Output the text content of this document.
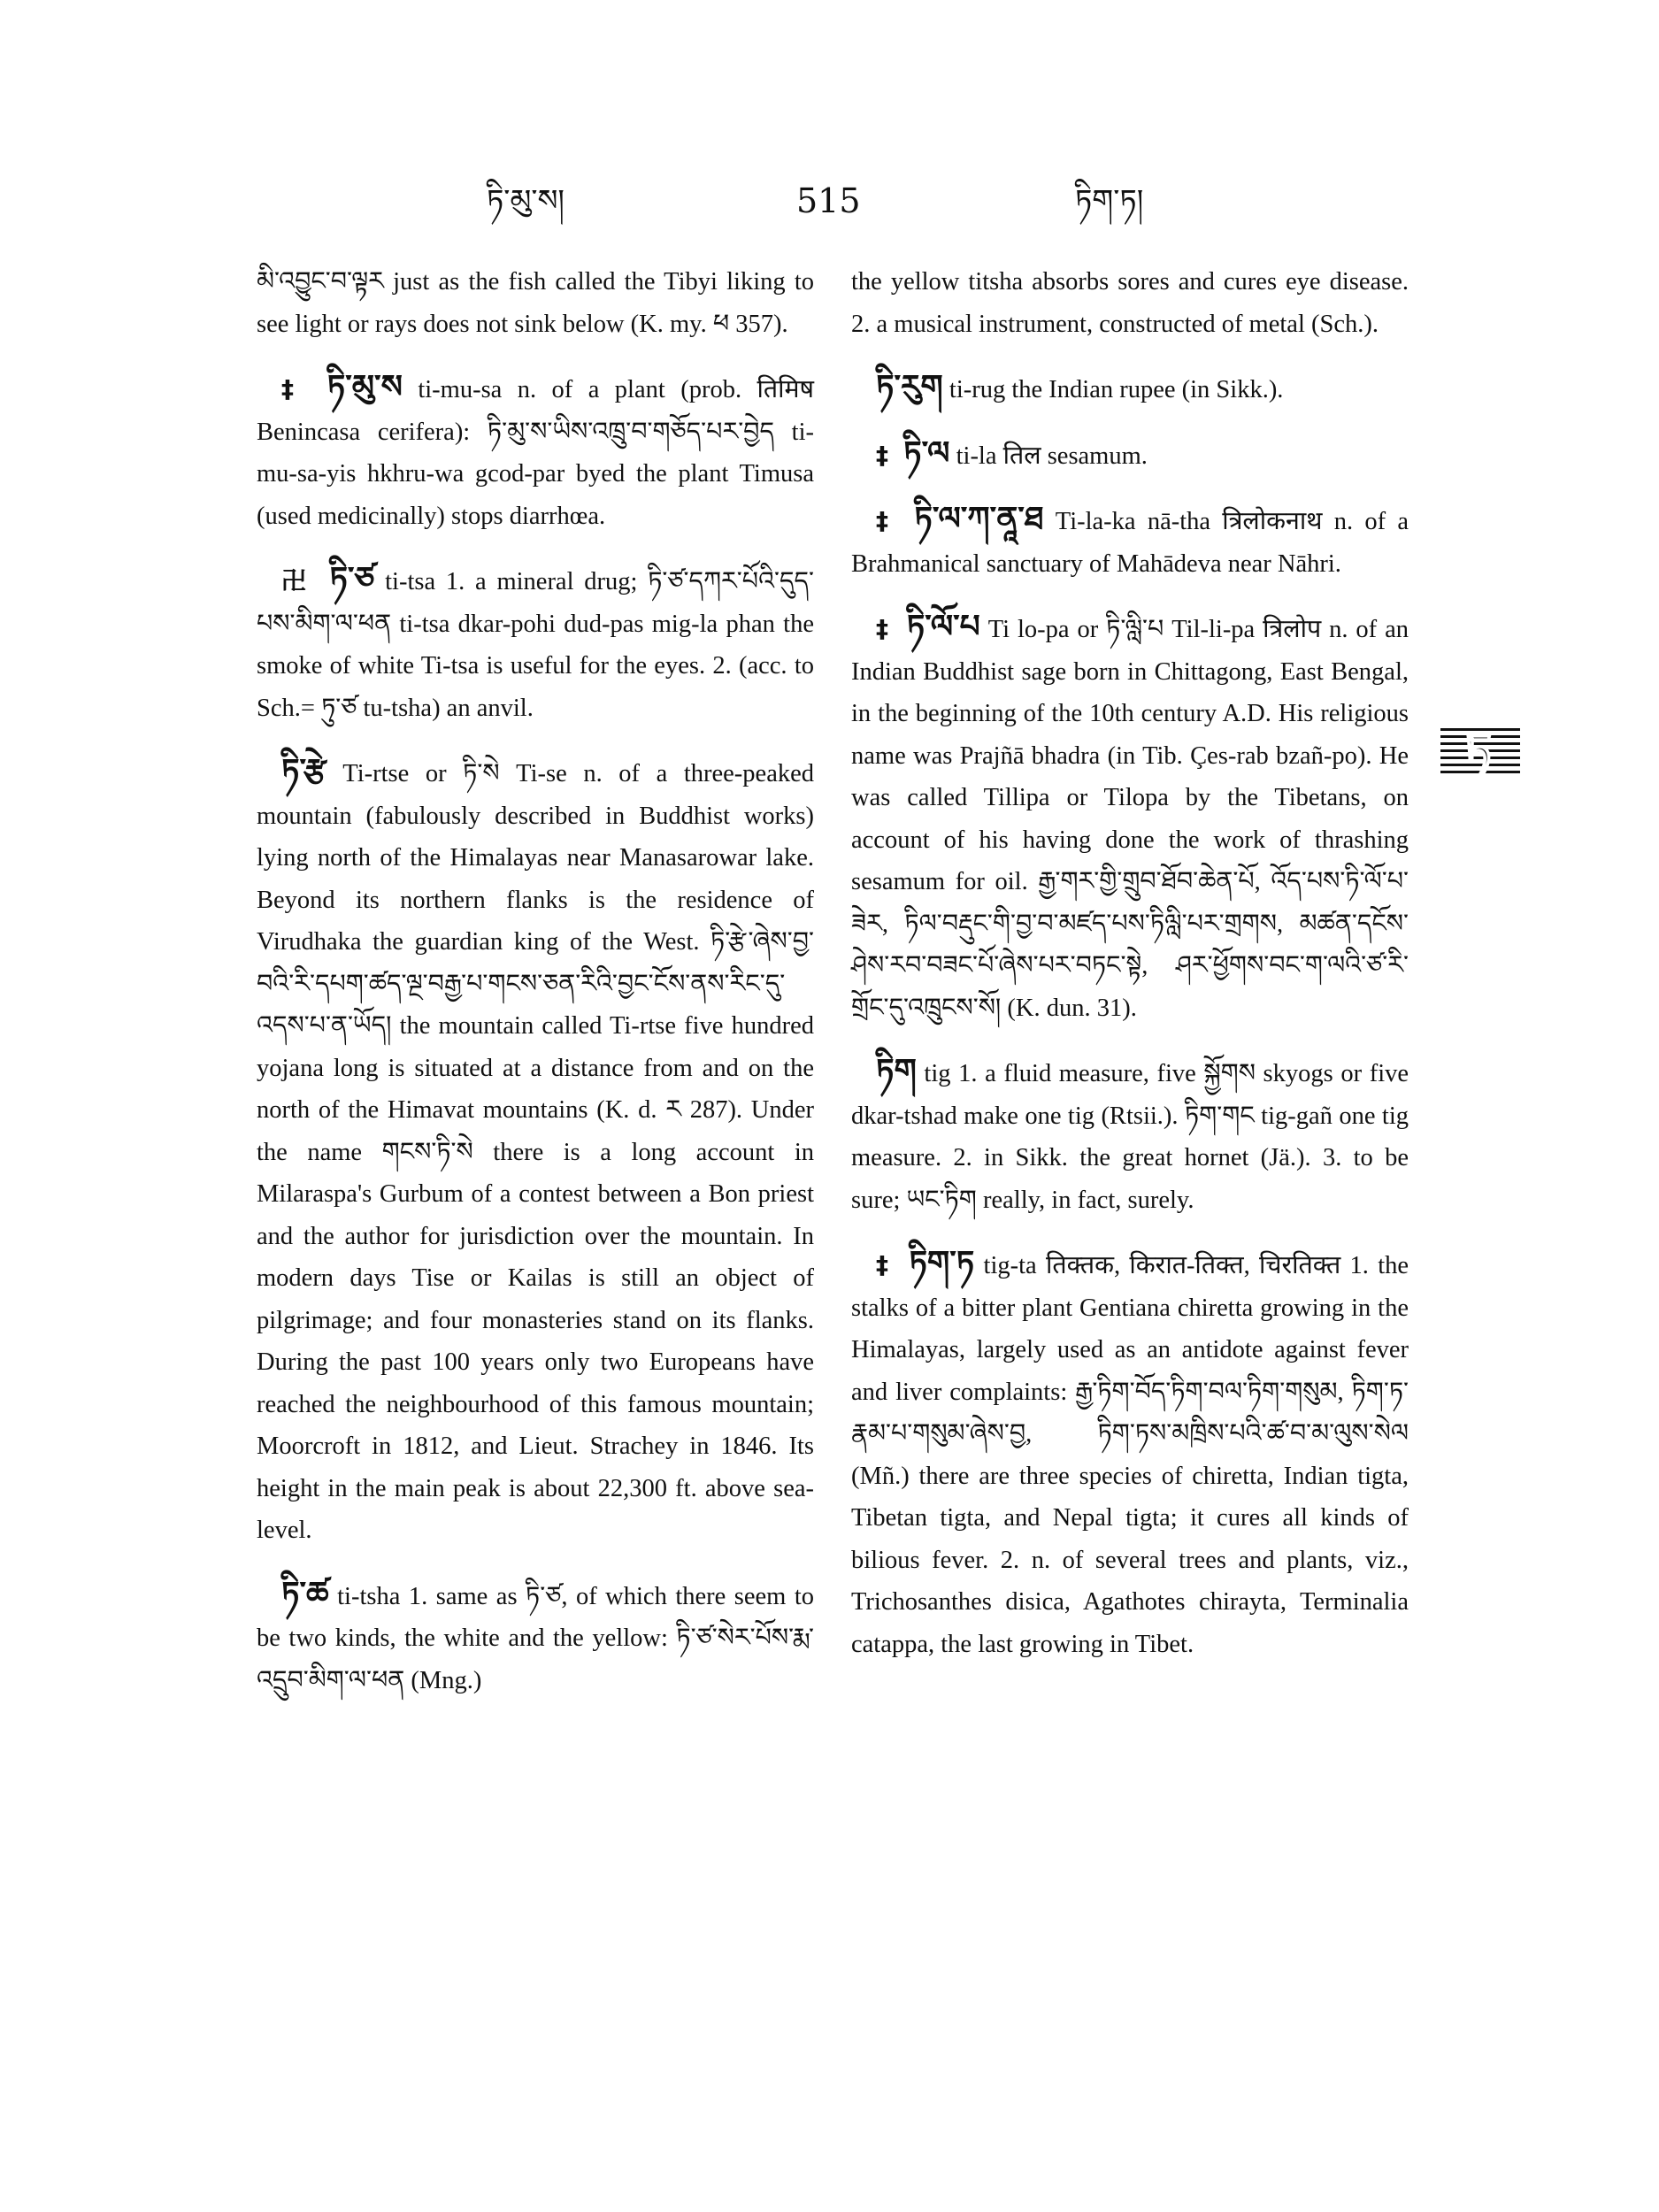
ཏི་མུ་ས།	515	ཏིག་ཏ།

མི་འབྱུང་བ་ལྟར just as the fish called the Tibyi liking to see light or rays does not sink below (K. my. ཕ 357).

‡ ཏི་མུ་ས ti-mu-sa n. of a plant (prob. तिमिष Benincasa cerifera): ཏི་མུ་ས་ཡིས་འཁྲུ་བ་གཅོད་པར་བྱེད ti-mu-sa-yis hkhru-wa gcod-par byed the plant Timusa (used medicinally) stops diarrhœa.

卍 ཏི་ཙ ti-tsa 1. a mineral drug; ཏི་ཙ་དཀར་པོའི་དུད་པས་མིག་ལ་ཕན ti-tsa dkar-pohi dud-pas mig-la phan the smoke of white Ti-tsa is useful for the eyes. 2. (acc. to Sch.= ཏུ་ཙ tu-tsha) an anvil.

ཏི་རྩེ Ti-rtse or ཏི་སེ Ti-se n. of a three-peaked mountain (fabulously described in Buddhist works) lying north of the Himalayas near Manasarowar lake. Beyond its northern flanks is the residence of Virudhaka the guardian king of the West. ཏི་རྩེ་ཞེས་བྱ་བའི་རི་དཔག་ཚད་ལྔ་བརྒྱ་པ་གངས་ཅན་རིའི་བྱང་ངོས་ནས་རིང་དུ་འདས་པ་ན་ཡོད། the mountain called Ti-rtse five hundred yojana long is situated at a distance from and on the north of the Himavat mountains (K. d. ར 287). Under the name གངས་ཏི་སེ there is a long account in Milaraspa's Gurbum of a contest between a Bon priest and the author for jurisdiction over the mountain. In modern days Tise or Kailas is still an object of pilgrimage; and four monasteries stand on its flanks. During the past 100 years only two Europeans have reached the neighbourhood of this famous mountain; Moorcroft in 1812, and Lieut. Strachey in 1846. Its height in the main peak is about 22,300 ft. above sea-level.

ཏི་ཚ ti-tsha 1. same as ཏི་ཙ, of which there seem to be two kinds, the white and the yellow: ཏི་ཙ་སེར་པོས་རྨ་འདྲུབ་མིག་ལ་ཕན (Mng.)

the yellow titsha absorbs sores and cures eye disease. 2. a musical instrument, constructed of metal (Sch.).

ཏི་རུག ti-rug the Indian rupee (in Sikk.).

‡ ཏི་ལ ti-la तिल sesamum.

‡ ཏི་ལ་ཀ་ནཱ་ཐ Ti-la-ka nā-tha त्रिलोकनाथ n. of a Brahmanical sanctuary of Mahādeva near Nāhri.

‡ ཏི་ལོ་པ Ti lo-pa or ཏི་ལླི་པ Til-li-pa त्रिलोप n. of an Indian Buddhist sage born in Chittagong, East Bengal, in the beginning of the 10th century A.D. His religious name was Prajñā bhadra (in Tib. Çes-rab bzañ-po). He was called Tillipa or Tilopa by the Tibetans, on account of his having done the work of thrashing sesamum for oil. རྒྱ་གར་གྱི་གྲུབ་ཐོབ་ཆེན་པོ, འོད་པས་ཏི་ལོ་པ་ཟེར, ཏིལ་བརྡུང་གི་བྱ་བ་མཛད་པས་ཏིལླི་པར་གྲགས, མཚན་དངོས་ཤེས་རབ་བཟང་པོ་ཞེས་པར་བཏང་སྟེ, ཤར་ཕྱོགས་བང་ག་ལའི་ཙ་རི་གྲོང་དུ་འཁྲུངས་སོ། (K. dun. 31).

ཏིག tig 1. a fluid measure, five སྐྱོགས skyogs or five dkar-tshad make one tig (Rtsii.). ཏིག་གང tig-gañ one tig measure. 2. in Sikk. the great hornet (Jä.). 3. to be sure; ཡང་ཏིག really, in fact, surely.

‡ ཏིག་ཏ tig-ta तिक्तक, किरात-तिक्त, चिरतिक्त 1. the stalks of a bitter plant Gentiana chiretta growing in the Himalayas, largely used as an antidote against fever and liver complaints: རྒྱ་ཏིག་བོད་ཏིག་བལ་ཏིག་གསུམ, ཏིག་ཏ་རྣམ་པ་གསུམ་ཞེས་བྱ, ཏིག་ཏས་མཁྲིས་པའི་ཚ་བ་མ་ལུས་སེལ (Mñ.) there are three species of chiretta, Indian tigta, Tibetan tigta, and Nepal tigta; it cures all kinds of bilious fever. 2. n. of several trees and plants, viz., Trichosanthes disica, Agathotes chirayta, Terminalia catappa, the last growing in Tibet.

ཏ
